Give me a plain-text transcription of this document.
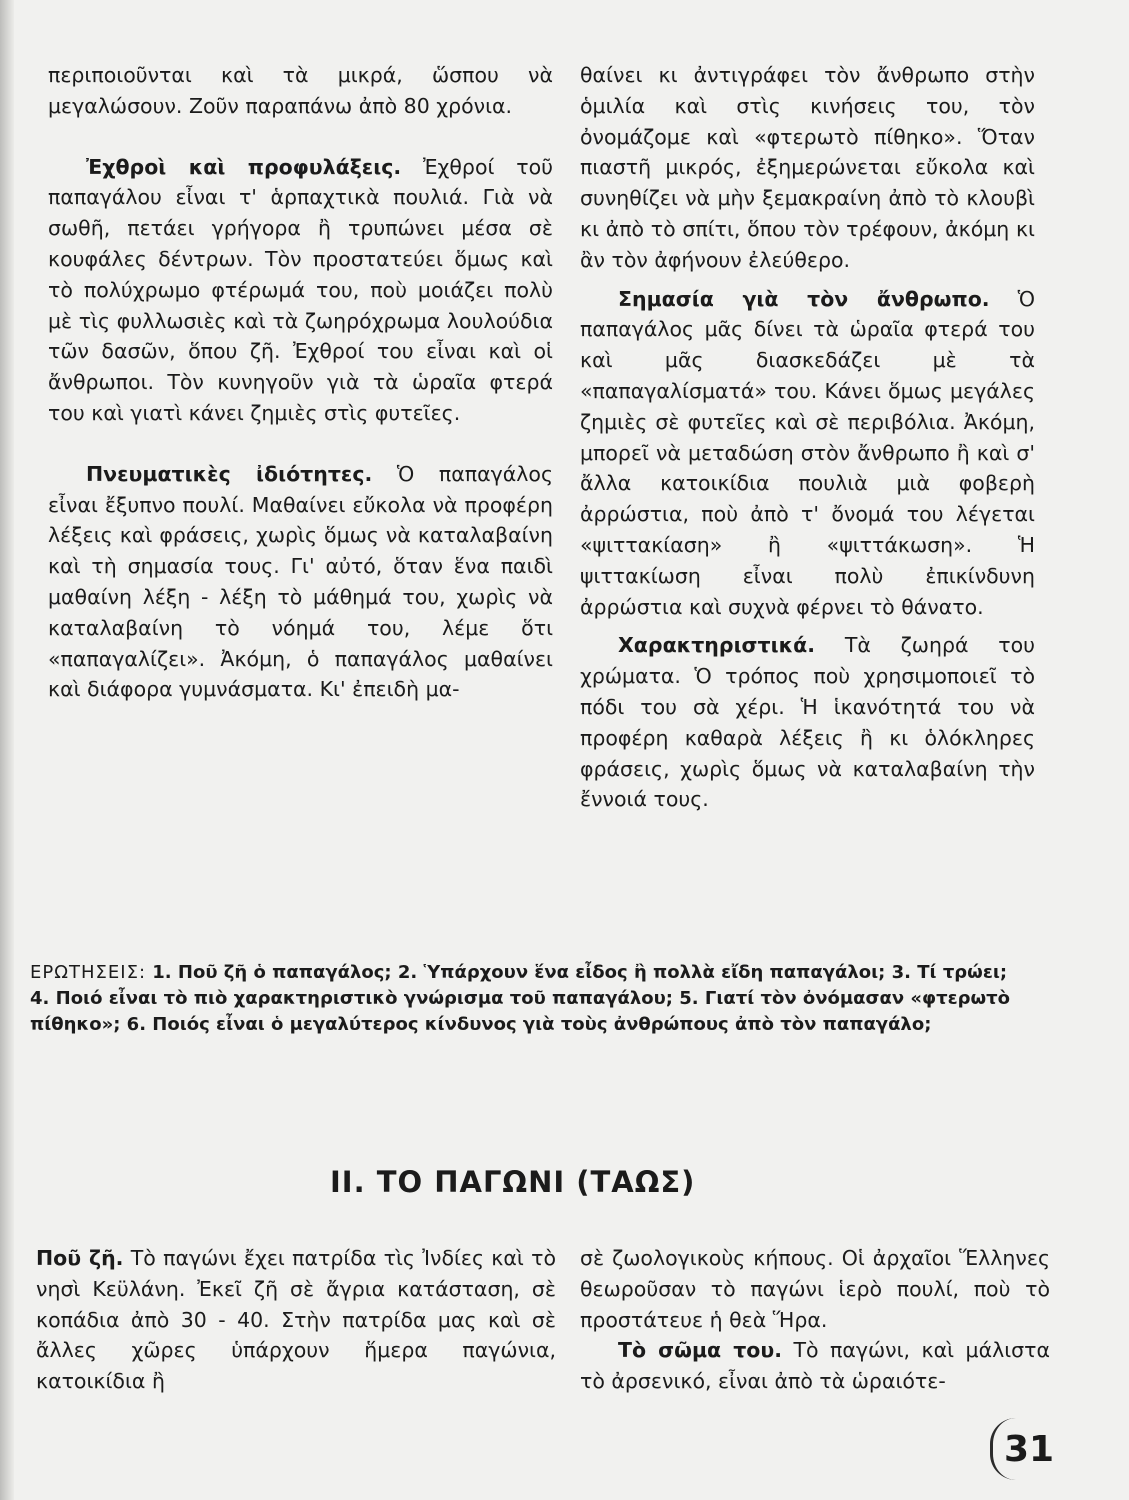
περιποιοῦνται καὶ τὰ μικρά, ὥσπου νὰ μεγαλώσουν. Ζοῦν παραπάνω ἀπὸ 80 χρόνια.

Ἐχθροὶ καὶ προφυλάξεις. Ἐχθροί τοῦ παπαγάλου εἶναι τ' ἁρπαχτικὰ πουλιά. Γιὰ νὰ σωθῆ, πετάει γρήγορα ἢ τρυπώνει μέσα σὲ κουφάλες δέντρων. Τὸν προστατεύει ὅμως καὶ τὸ πολύχρωμο φτέρωμά του, ποὺ μοιάζει πολὺ μὲ τὶς φυλλωσιὲς καὶ τὰ ζωηρόχρωμα λουλούδια τῶν δασῶν, ὅπου ζῆ. Ἐχθροί του εἶναι καὶ οἱ ἄνθρωποι. Τὸν κυνηγοῦν γιὰ τὰ ὡραῖα φτερά του καὶ γιατὶ κάνει ζημιὲς στὶς φυτεῖες.

Πνευματικὲς ἰδιότητες. Ὁ παπαγάλος εἶναι ἔξυπνο πουλί. Μαθαίνει εὔκολα νὰ προφέρη λέξεις καὶ φράσεις, χωρὶς ὅμως νὰ καταλαβαίνη καὶ τὴ σημασία τους. Γι' αὐτό, ὅταν ἕνα παιδὶ μαθαίνη λέξη - λέξη τὸ μάθημά του, χωρὶς νὰ καταλαβαίνη τὸ νόημά του, λέμε ὅτι «παπαγαλίζει». Ἀκόμη, ὁ παπαγάλος μαθαίνει καὶ διάφορα γυμνάσματα. Κι' ἐπειδὴ μα-

θαίνει κι ἀντιγράφει τὸν ἄνθρωπο στὴν ὁμιλία καὶ στὶς κινήσεις του, τὸν ὀνομάζομε καὶ «φτερωτὸ πίθηκο». Ὅταν πιαστῆ μικρός, ἐξημερώνεται εὔκολα καὶ συνηθίζει νὰ μὴν ξεμακραίνη ἀπὸ τὸ κλουβὶ κι ἀπὸ τὸ σπίτι, ὅπου τὸν τρέφουν, ἀκόμη κι ἂν τὸν ἀφήνουν ἐλεύθερο.

Σημασία γιὰ τὸν ἄνθρωπο. Ὁ παπαγάλος μᾶς δίνει τὰ ὡραῖα φτερά του καὶ μᾶς διασκεδάζει μὲ τὰ «παπαγαλίσματά» του. Κάνει ὅμως μεγάλες ζημιὲς σὲ φυτεῖες καὶ σὲ περιβόλια. Ἀκόμη, μπορεῖ νὰ μεταδώση στὸν ἄνθρωπο ἢ καὶ σ' ἄλλα κατοικίδια πουλιὰ μιὰ φοβερὴ ἀρρώστια, ποὺ ἀπὸ τ' ὄνομά του λέγεται «ψιττακίαση» ἢ «ψιττάκωση». Ἡ ψιττακίωση εἶναι πολὺ ἐπικίνδυνη ἀρρώστια καὶ συχνὰ φέρνει τὸ θάνατο.

Χαρακτηριστικά. Τὰ ζωηρά του χρώματα. Ὁ τρόπος ποὺ χρησιμοποιεῖ τὸ πόδι του σὰ χέρι. Ἡ ἱκανότητά του νὰ προφέρη καθαρὰ λέξεις ἢ κι ὁλόκληρες φράσεις, χωρὶς ὅμως νὰ καταλαβαίνη τὴν ἔννοιά τους.

ΕΡΩΤΗΣΕΙΣ: 1. Ποῦ ζῆ ὁ παπαγάλος; 2. Ὑπάρχουν ἕνα εἶδος ἢ πολλὰ εἴδη παπαγάλοι; 3. Τί τρώει; 4. Ποιό εἶναι τὸ πιὸ χαρακτηριστικὸ γνώρισμα τοῦ παπαγάλου; 5. Γιατί τὸν ὀνόμασαν «φτερωτὸ πίθηκο»; 6. Ποιός εἶναι ὁ μεγαλύτερος κίνδυνος γιὰ τοὺς ἀνθρώπους ἀπὸ τὸν παπαγάλο;
II. ΤΟ ΠΑΓΩΝΙ (ΤΑΩΣ)

Ποῦ ζῆ. Τὸ παγώνι ἔχει πατρίδα τὶς Ἰνδίες καὶ τὸ νησὶ Κεϋλάνη. Ἐκεῖ ζῆ σὲ ἄγρια κατάσταση, σὲ κοπάδια ἀπὸ 30 - 40. Στὴν πατρίδα μας καὶ σὲ ἄλλες χῶρες ὑπάρχουν ἥμερα παγώνια, κατοικίδια ἢ

σὲ ζωολογικοὺς κήπους. Οἱ ἀρχαῖοι Ἕλληνες θεωροῦσαν τὸ παγώνι ἱερὸ πουλί, ποὺ τὸ προστάτευε ἡ θεὰ Ἥρα.

Τὸ σῶμα του. Τὸ παγώνι, καὶ μάλιστα τὸ ἀρσενικό, εἶναι ἀπὸ τὰ ὡραιότε-

31
